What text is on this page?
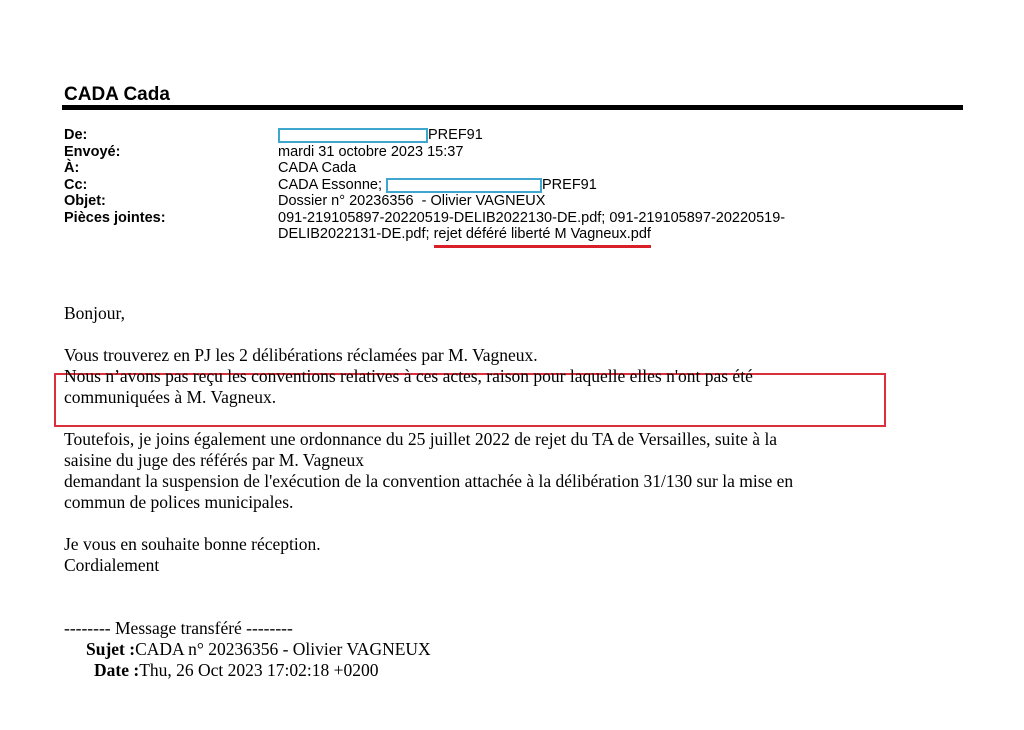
CADA Cada
De:	PREF91
Envoyé:	mardi 31 octobre 2023 15:37
À:	CADA Cada
Cc:	CADA Essonne;	PREF91
Objet:	Dossier n° 20236356  - Olivier VAGNEUX
Pièces jointes:	091-219105897-20220519-DELIB2022130-DE.pdf; 091-219105897-20220519-
DELIB2022131-DE.pdf; rejet déféré liberté M Vagneux.pdf

Bonjour,

Vous trouverez en PJ les 2 délibérations réclamées par M. Vagneux.

Nous n’avons pas reçu les conventions relatives à ces actes, raison pour laquelle elles n'ont pas été

communiquées à M. Vagneux.

Toutefois, je joins également une ordonnance du 25 juillet 2022 de rejet du TA de Versailles, suite à la

saisine du juge des référés par M. Vagneux

demandant la suspension de l'exécution de la convention attachée à la délibération 31/130 sur la mise en

commun de polices municipales.

Je vous en souhaite bonne réception.

Cordialement

-------- Message transféré --------

Sujet :CADA n° 20236356 - Olivier VAGNEUX

Date :Thu, 26 Oct 2023 17:02:18 +0200
